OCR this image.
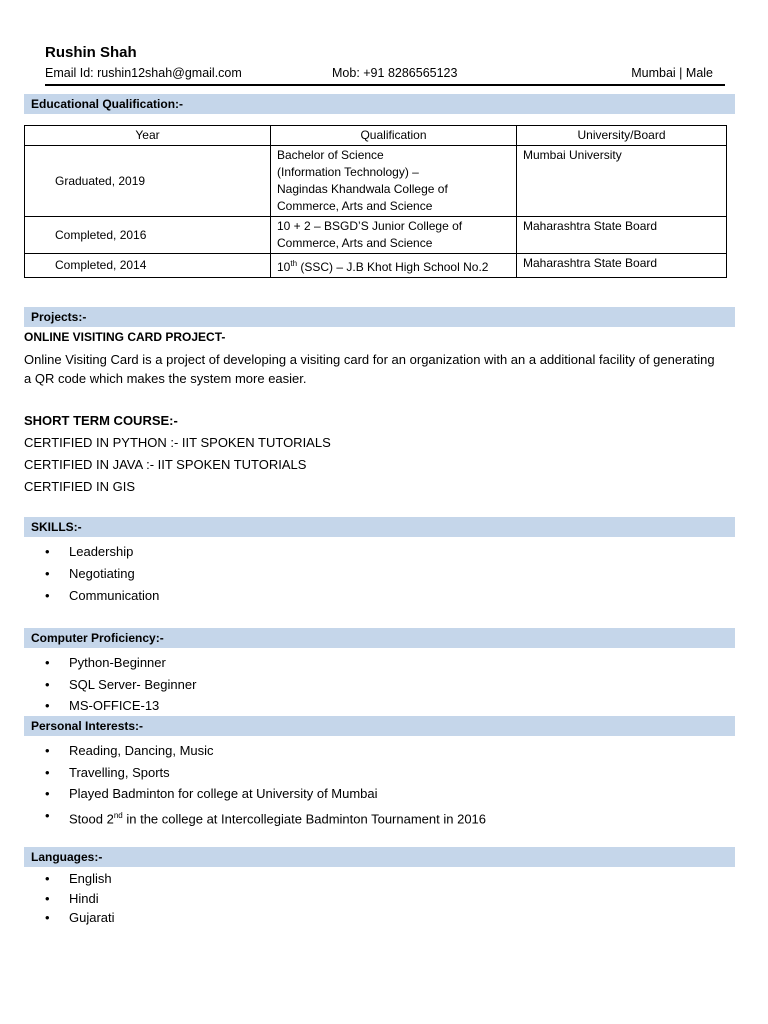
Rushin Shah
Email Id: rushin12shah@gmail.com	Mob: +91 8286565123	Mumbai | Male
Educational Qualification:-
Year	Qualification	University/Board
Graduated, 2019	Bachelor of Science
(Information Technology) –
Nagindas Khandwala College of
Commerce, Arts and Science	Mumbai University
Completed, 2016	10 + 2 – BSGD’S Junior College of
Commerce, Arts and Science	Maharashtra State Board
Completed, 2014	10th (SSC) – J.B Khot High School No.2	Maharashtra State Board
Projects:-
ONLINE VISITING CARD PROJECT-
Online Visiting Card is a project of developing a visiting card for an organization with an a additional facility of generating a QR code which makes the system more easier.
SHORT TERM COURSE:-
CERTIFIED IN PYTHON :- IIT SPOKEN TUTORIALS
CERTIFIED IN JAVA :- IIT SPOKEN TUTORIALS
CERTIFIED IN GIS
SKILLS:-
• Leadership
• Negotiating
• Communication
Computer Proficiency:-
• Python-Beginner
• SQL Server- Beginner
• MS-OFFICE-13
Personal Interests:-
• Reading, Dancing, Music
• Travelling, Sports
• Played Badminton for college at University of Mumbai
• Stood 2nd in the college at Intercollegiate Badminton Tournament in 2016
Languages:-
• English
• Hindi
• Gujarati
